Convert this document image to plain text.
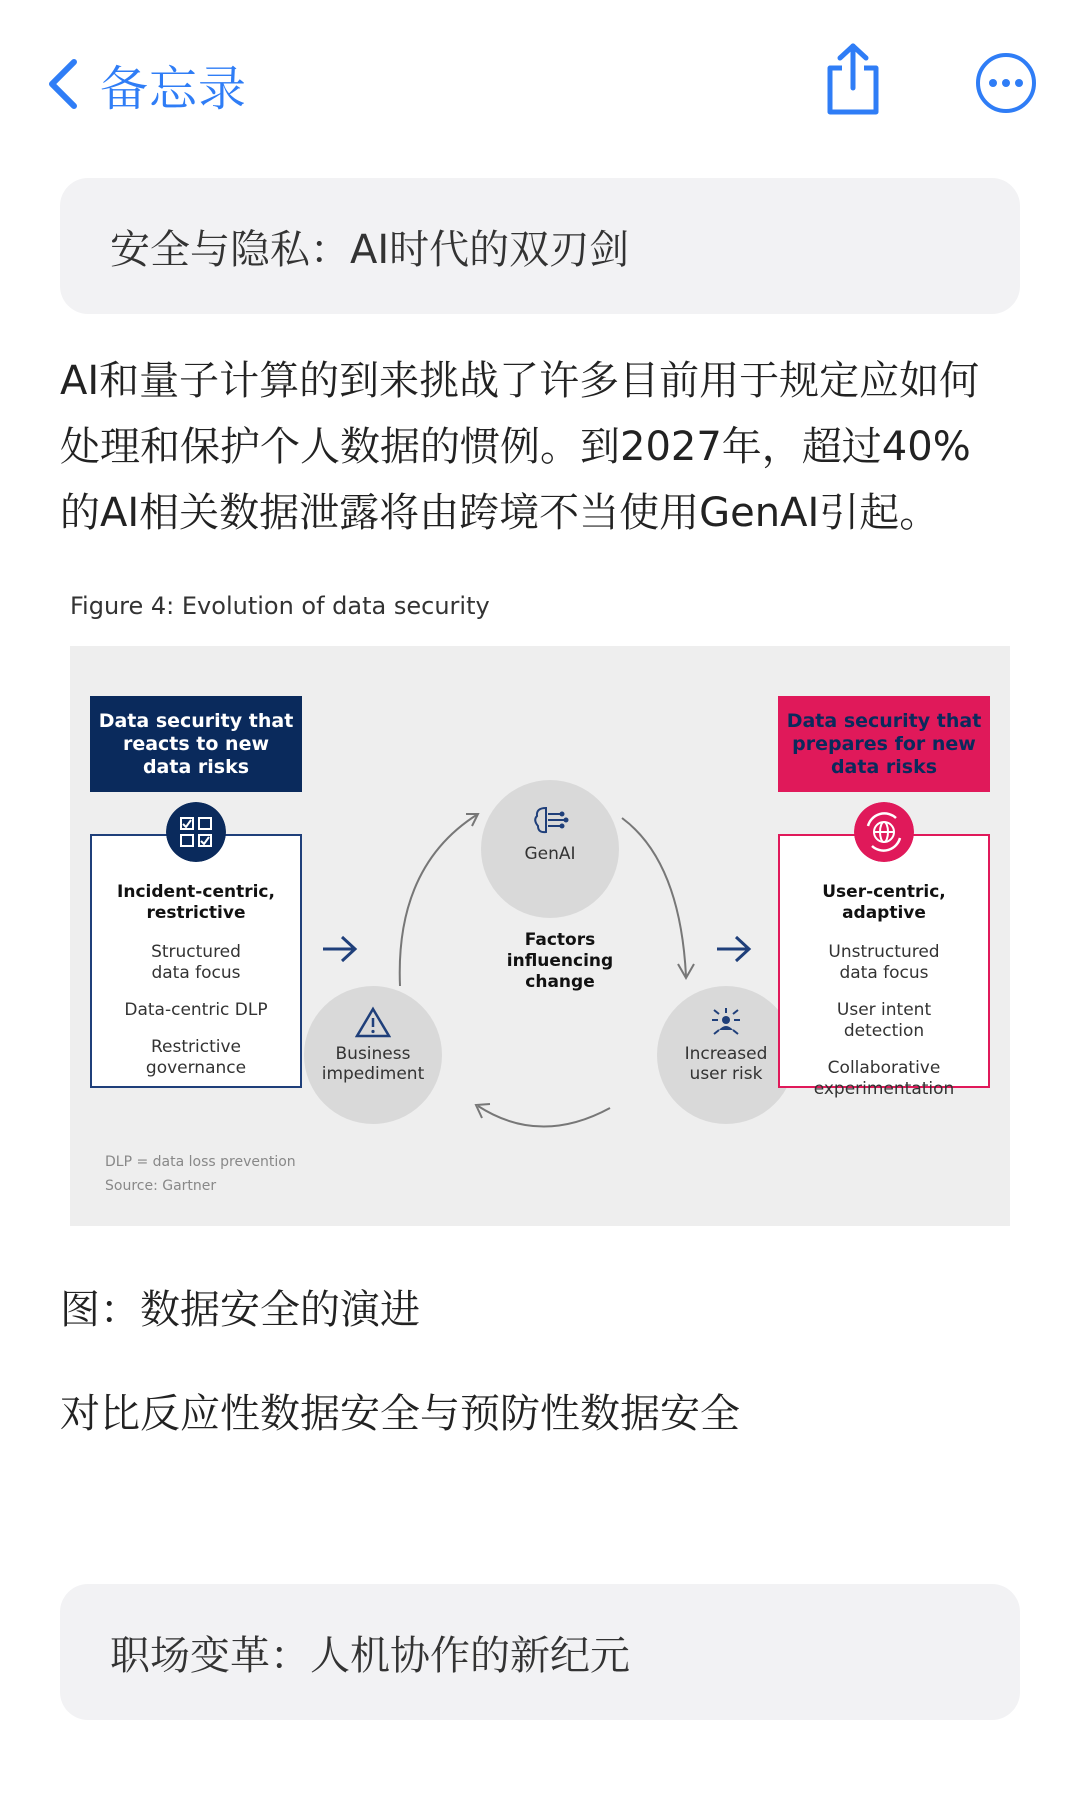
备忘录
安全与隐私：AI时代的双刃剑

AI和量子计算的到来挑战了许多目前用于规定应如何

处理和保护个人数据的惯例。到2027年，超过40%

的AI相关数据泄露将由跨境不当使用GenAI引起。

Figure 4: Evolution of data security
Data security that
reacts to new
data risks
Incident-centric,
restrictive
Structured
data focus
Data-centric DLP
Restrictive
governance
GenAI
Business
impediment
Increased
user risk
Factors
influencing
change
Data security that
prepares for new
data risks
User-centric,
adaptive
Unstructured
data focus
User intent
detection
Collaborative
experimentation
DLP = data loss prevention
Source: Gartner
图：数据安全的演进
对比反应性数据安全与预防性数据安全
职场变革：人机协作的新纪元
